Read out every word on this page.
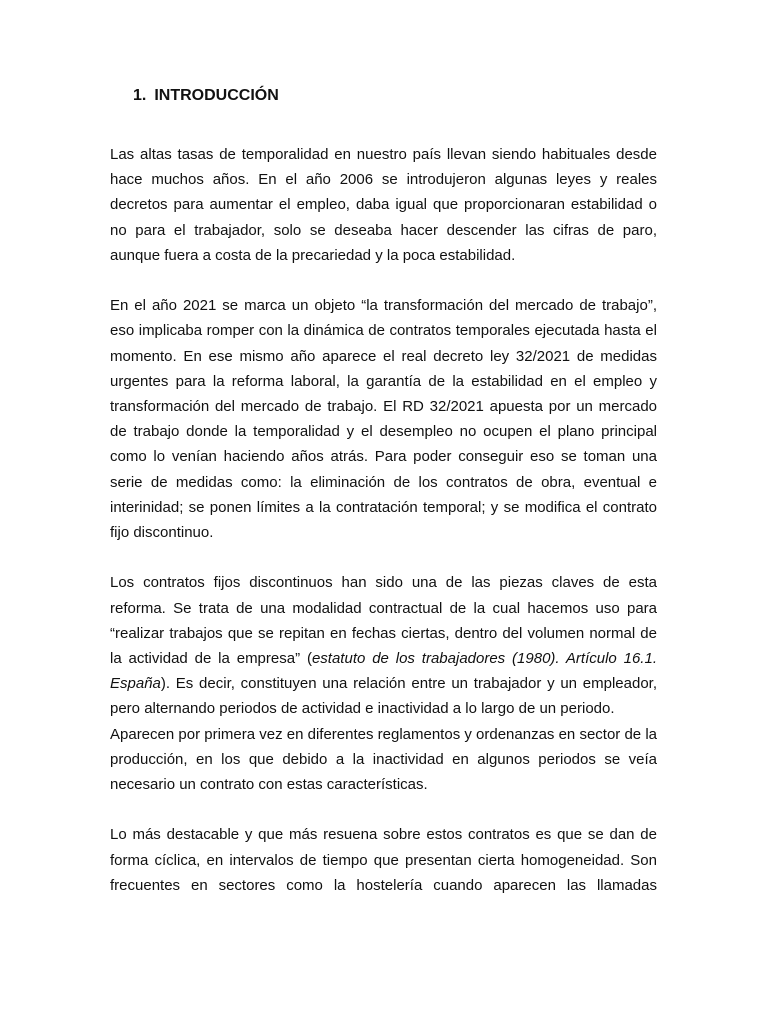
1. INTRODUCCIÓN

Las altas tasas de temporalidad en nuestro país llevan siendo habituales desde hace muchos años. En el año 2006 se introdujeron algunas leyes y reales decretos para aumentar el empleo, daba igual que proporcionaran estabilidad o no para el trabajador, solo se deseaba hacer descender las cifras de paro, aunque fuera a costa de la precariedad y la poca estabilidad.

En el año 2021 se marca un objeto “la transformación del mercado de trabajo”, eso implicaba romper con la dinámica de contratos temporales ejecutada hasta el momento. En ese mismo año aparece el real decreto ley 32/2021 de medidas urgentes para la reforma laboral, la garantía de la estabilidad en el empleo y transformación del mercado de trabajo. El RD 32/2021 apuesta por un mercado de trabajo donde la temporalidad y el desempleo no ocupen el plano principal como lo venían haciendo años atrás. Para poder conseguir eso se toman una serie de medidas como: la eliminación de los contratos de obra, eventual e interinidad; se ponen límites a la contratación temporal; y se modifica el contrato fijo discontinuo.

Los contratos fijos discontinuos han sido una de las piezas claves de esta reforma. Se trata de una modalidad contractual de la cual hacemos uso para “realizar trabajos que se repitan en fechas ciertas, dentro del volumen normal de la actividad de la empresa” (estatuto de los trabajadores (1980). Artículo 16.1. España). Es decir, constituyen una relación entre un trabajador y un empleador, pero alternando periodos de actividad e inactividad a lo largo de un periodo.

Aparecen por primera vez en diferentes reglamentos y ordenanzas en sector de la producción, en los que debido a la inactividad en algunos periodos se veía necesario un contrato con estas características.

Lo más destacable y que más resuena sobre estos contratos es que se dan de forma cíclica, en intervalos de tiempo que presentan cierta homogeneidad. Son frecuentes en sectores como la hostelería cuando aparecen las llamadas
